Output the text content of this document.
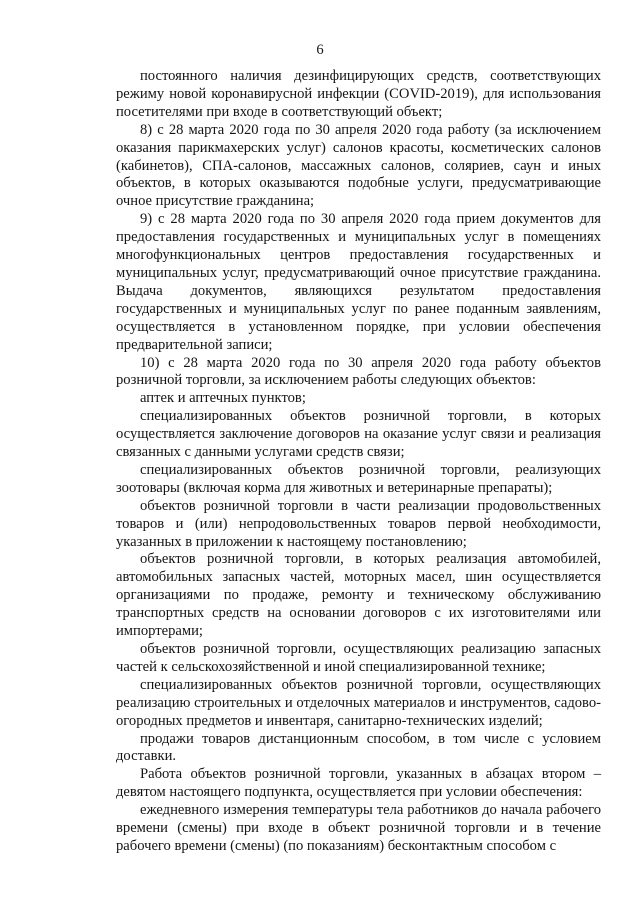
6

постоянного наличия дезинфицирующих средств, соответствующих режиму новой коронавирусной инфекции (COVID-2019), для использования посетителями при входе в соответствующий объект;

8) с 28 марта 2020 года по 30 апреля 2020 года работу (за исключением оказания парикмахерских услуг) салонов красоты, косметических салонов (кабинетов), СПА-салонов, массажных салонов, соляриев, саун и иных объектов, в которых оказываются подобные услуги, предусматривающие очное присутствие гражданина;

9) с 28 марта 2020 года по 30 апреля 2020 года прием документов для предоставления государственных и муниципальных услуг в помещениях многофункциональных центров предоставления государственных и муниципальных услуг, предусматривающий очное присутствие гражданина. Выдача документов, являющихся результатом предоставления государственных и муниципальных услуг по ранее поданным заявлениям, осуществляется в установленном порядке, при условии обеспечения предварительной записи;

10) с 28 марта 2020 года по 30 апреля 2020 года работу объектов розничной торговли, за исключением работы следующих объектов:

аптек и аптечных пунктов;

специализированных объектов розничной торговли, в которых осуществляется заключение договоров на оказание услуг связи и реализация связанных с данными услугами средств связи;

специализированных объектов розничной торговли, реализующих зоотовары (включая корма для животных и ветеринарные препараты);

объектов розничной торговли в части реализации продовольственных товаров и (или) непродовольственных товаров первой необходимости, указанных в приложении к настоящему постановлению;

объектов розничной торговли, в которых реализация автомобилей, автомобильных запасных частей, моторных масел, шин осуществляется организациями по продаже, ремонту и техническому обслуживанию транспортных средств на основании договоров с их изготовителями или импортерами;

объектов розничной торговли, осуществляющих реализацию запасных частей к сельскохозяйственной и иной специализированной технике;

специализированных объектов розничной торговли, осуществляющих реализацию строительных и отделочных материалов и инструментов, садово-огородных предметов и инвентаря, санитарно-технических изделий;

продажи товаров дистанционным способом, в том числе с условием доставки.

Работа объектов розничной торговли, указанных в абзацах втором – девятом настоящего подпункта, осуществляется при условии обеспечения:

ежедневного измерения температуры тела работников до начала рабочего времени (смены) при входе в объект розничной торговли и в течение рабочего времени (смены) (по показаниям) бесконтактным способом с
